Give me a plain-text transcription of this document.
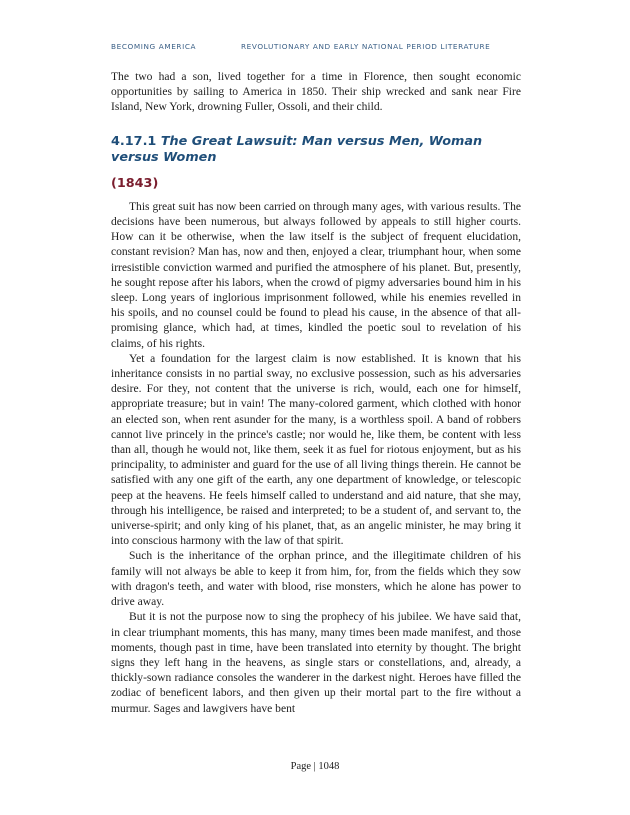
BECOMING AMERICA	REVOLUTIONARY AND EARLY NATIONAL PERIOD LITERATURE

The two had a son, lived together for a time in Florence, then sought economic opportunities by sailing to America in 1850. Their ship wrecked and sank near Fire Island, New York, drowning Fuller, Ossoli, and their child.

4.17.1 The Great Lawsuit: Man versus Men, Woman versus Women
(1843)

This great suit has now been carried on through many ages, with various results. The decisions have been numerous, but always followed by appeals to still higher courts. How can it be otherwise, when the law itself is the subject of frequent elucidation, constant revision? Man has, now and then, enjoyed a clear, triumphant hour, when some irresistible conviction warmed and purified the atmosphere of his planet. But, presently, he sought repose after his labors, when the crowd of pigmy adversaries bound him in his sleep. Long years of inglorious imprisonment followed, while his enemies revelled in his spoils, and no counsel could be found to plead his cause, in the absence of that all-promising glance, which had, at times, kindled the poetic soul to revelation of his claims, of his rights.

Yet a foundation for the largest claim is now established. It is known that his inheritance consists in no partial sway, no exclusive possession, such as his adversaries desire. For they, not content that the universe is rich, would, each one for himself, appropriate treasure; but in vain! The many-colored garment, which clothed with honor an elected son, when rent asunder for the many, is a worthless spoil. A band of robbers cannot live princely in the prince's castle; nor would he, like them, be content with less than all, though he would not, like them, seek it as fuel for riotous enjoyment, but as his principality, to administer and guard for the use of all living things therein. He cannot be satisfied with any one gift of the earth, any one department of knowledge, or telescopic peep at the heavens. He feels himself called to understand and aid nature, that she may, through his intelligence, be raised and interpreted; to be a student of, and servant to, the universe-spirit; and only king of his planet, that, as an angelic minister, he may bring it into conscious harmony with the law of that spirit.

Such is the inheritance of the orphan prince, and the illegitimate children of his family will not always be able to keep it from him, for, from the fields which they sow with dragon's teeth, and water with blood, rise monsters, which he alone has power to drive away.

But it is not the purpose now to sing the prophecy of his jubilee. We have said that, in clear triumphant moments, this has many, many times been made manifest, and those moments, though past in time, have been translated into eternity by thought. The bright signs they left hang in the heavens, as single stars or constellations, and, already, a thickly-sown radiance consoles the wanderer in the darkest night. Heroes have filled the zodiac of beneficent labors, and then given up their mortal part to the fire without a murmur. Sages and lawgivers have bent

Page | 1048
